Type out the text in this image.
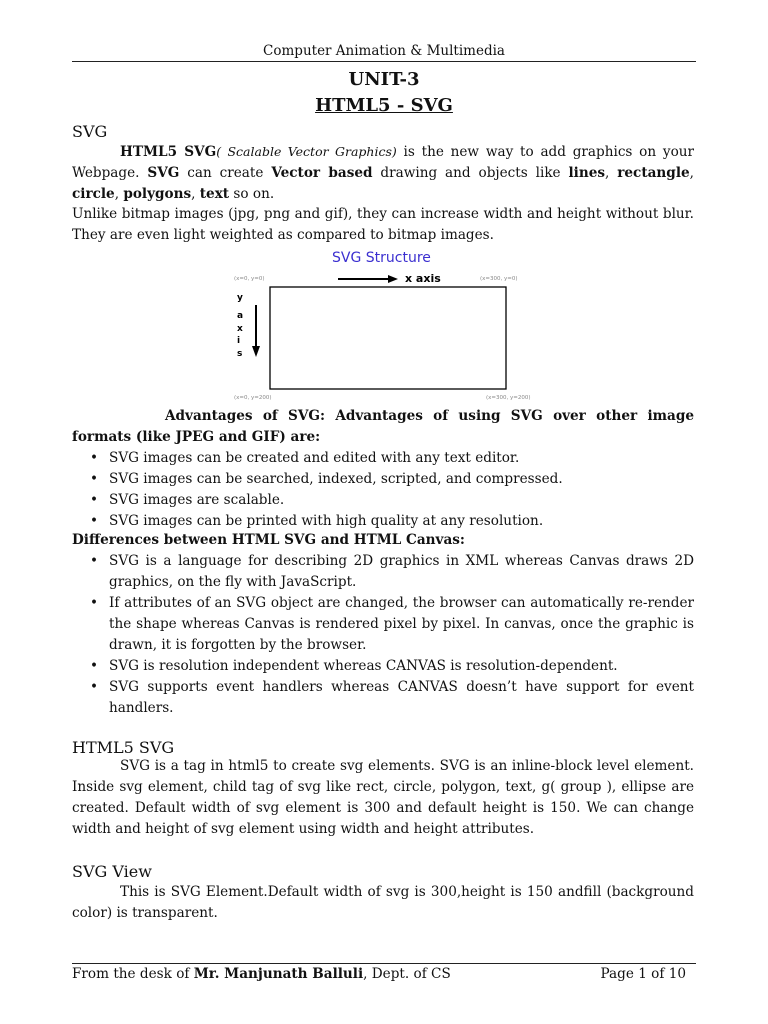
Computer Animation & Multimedia
UNIT-3
HTML5 - SVG
SVG
HTML5 SVG( Scalable Vector Graphics) is the new way to add graphics on your Webpage. SVG can create Vector based drawing and objects like lines, rectangle, circle, polygons, text so on.
Unlike bitmap images (jpg, png and gif), they can increase width and height without blur. They are even light weighted as compared to bitmap images.
SVG Structure
(x=0, y=0)	(x=300, y=0)
x axis
y
a
x
i
s
(x=0, y=200)	(x=300, y=200)
Advantages of SVG: Advantages of using SVG over other image formats (like JPEG and GIF) are:
• SVG images can be created and edited with any text editor.
• SVG images can be searched, indexed, scripted, and compressed.
• SVG images are scalable.
• SVG images can be printed with high quality at any resolution.
Differences between HTML SVG and HTML Canvas:
• SVG is a language for describing 2D graphics in XML whereas Canvas draws 2D graphics, on the fly with JavaScript.
• If attributes of an SVG object are changed, the browser can automatically re-render the shape whereas Canvas is rendered pixel by pixel. In canvas, once the graphic is drawn, it is forgotten by the browser.
• SVG is resolution independent whereas CANVAS is resolution-dependent.
• SVG supports event handlers whereas CANVAS doesn’t have support for event handlers.
HTML5 SVG
SVG is a tag in html5 to create svg elements. SVG is an inline-block level element. Inside svg element, child tag of svg like rect, circle, polygon, text, g( group ), ellipse are created. Default width of svg element is 300 and default height is 150. We can change width and height of svg element using width and height attributes.
SVG View
This is SVG Element.Default width of svg is 300,height is 150 andfill (background color) is transparent.
From the desk of Mr. Manjunath Balluli, Dept. of CS	Page 1 of 10
